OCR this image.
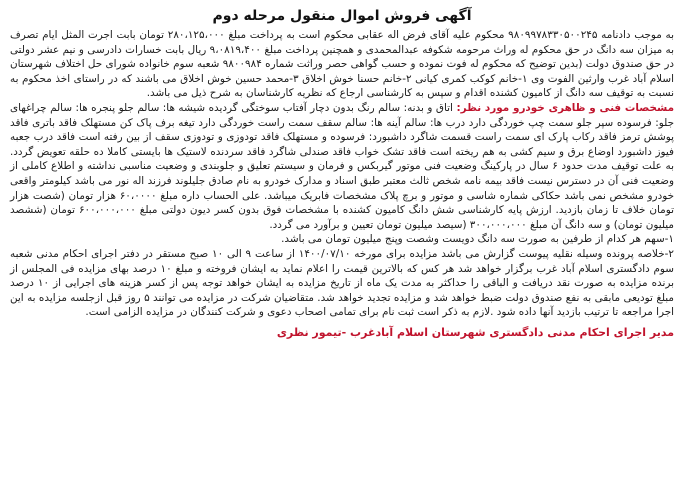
آگهی فروش اموال منقول مرحله دوم

به موجب دادنامه ۹۸۰۹۹۷۸۳۳۰۵۰۰۲۴۵ محکوم علیه آقای فرض اله عقابی محکوم است به پرداخت مبلغ ۲۸۰،۱۲۵،۰۰۰ تومان بابت اجرت المثل ایام تصرف به میزان سه دانگ در حق محکوم له وراث مرحومه شکوفه عبدالمحمدی و همچنین پرداخت مبلغ ۹،۰۸۱۹،۴۰۰ ریال بابت خسارات دادرسی و نیم عشر دولتی در حق صندوق دولت (بدین توضیح که محکوم له فوت نموده و حسب گواهی حصر وراثت شماره ۹۸۰۰۹۸۴ شعبه سوم خانواده شورای حل اختلاف شهرستان اسلام آباد غرب وارثین الفوت وی ۱-خانم کوکب کمری کیانی ۲-خانم حسنا خوش اخلاق ۳-محمد حسین خوش اخلاق می باشند که در راستای اخذ محکوم به نسبت به توقیف سه دانگ از کامیون کشنده اقدام و سپس به کارشناسی ارجاع که نظریه کارشناسان به شرح ذیل می باشد.

مشخصات فنی و ظاهری خودرو مورد نظر: اتاق و بدنه: سالم رنگ بدون دچار آفتاب سوختگی گردیده شیشه ها: سالم جلو پنجره ها: سالم چراغهای جلو: فرسوده سپر جلو سمت چپ خوردگی دارد درب ها: سالم آینه ها: سالم سقف سمت راست خوردگی دارد تیغه برف پاک کن مستهلک فاقد باتری فاقد پوشش ترمز فاقد رکاب پارک ای سمت راست قسمت شاگرد داشبورد: فرسوده و مستهلک فاقد تودوزی و تودوزی سقف از بین رفته است فاقد درب جعبه فیوز داشبورد اوضاع برق و سیم کشی به هم ریخته است فاقد تشک خواب فاقد صندلی شاگرد فاقد سردنده لاستیک ها بایستی کاملا ده حلقه تعویض گردد. به علت توقیف مدت حدود ۶ سال در پارکینگ وضعیت فنی موتور گیربکس و فرمان و سیستم تعلیق و جلوبندی و وضعیت مناسبی نداشته و اطلاع کاملی از وضعیت فنی آن در دسترس نیست فاقد بیمه نامه شخص ثالث معتبر طبق اسناد و مدارک خودرو به نام صادق جلیلوند فرزند اله نور می باشد کیلومتر واقعی خودرو مشخص نمی باشد حکاکی شماره شاسی و موتور و برچ پلاک مشخصات فابریک میباشد. علی الحساب داره مبلغ ۶۰،۰۰۰۰ هزار تومان (شصت هزار تومان خلاف تا زمان بازدید. ارزش پایه کارشناسی شش دانگ کامیون کشنده با مشخصات فوق بدون کسر دیون دولتی مبلغ ۶۰۰،۰۰۰،۰۰۰ تومان (ششصد میلیون تومان) و سه دانگ آن مبلغ ۳۰۰،۰۰۰،۰۰۰ (سیصد میلیون تومان تعیین و برآورد می گردد.

۱-سهم هر کدام از طرفین به صورت سه دانگ دویست وشصت وپنج میلیون تومان می باشد.

۲-خلاصه پرونده وسیله نقلیه پیوست گزارش می باشد مزایده برای مورخه ۱۴۰۰/۰۷/۱۰ از ساعت ۹ الی ۱۰ صبح مستقر در دفتر اجرای احکام مدنی شعبه سوم دادگستری اسلام آباد غرب برگزار خواهد شد هر کس که بالاترین قیمت را اعلام نماید به ایشان فروخته و مبلغ ۱۰ درصد بهای مزایده فی المجلس از برنده مزایده به صورت نقد دریافت و الباقی را حداکثر به مدت یک ماه از تاریخ مزایده به ایشان خواهد توجه پس از کسر هزینه های اجرایی از ۱۰ درصد مبلغ تودیعی مابقی به نفع صندوق دولت ضبط خواهد شد و مزایده تجدید خواهد شد. متقاضیان شرکت در مزایده می توانند ۵ روز قبل ازجلسه مزایده به این اجرا مراجعه تا ترتیب بازدید آنها داده شود .لازم به ذکر است ثبت نام برای تمامی اصحاب دعوی و شرکت کنندگان در مزایده الزامی است.

مدیر اجرای احکام مدنی دادگستری شهرستان اسلام آبادغرب -تیمور نظری
